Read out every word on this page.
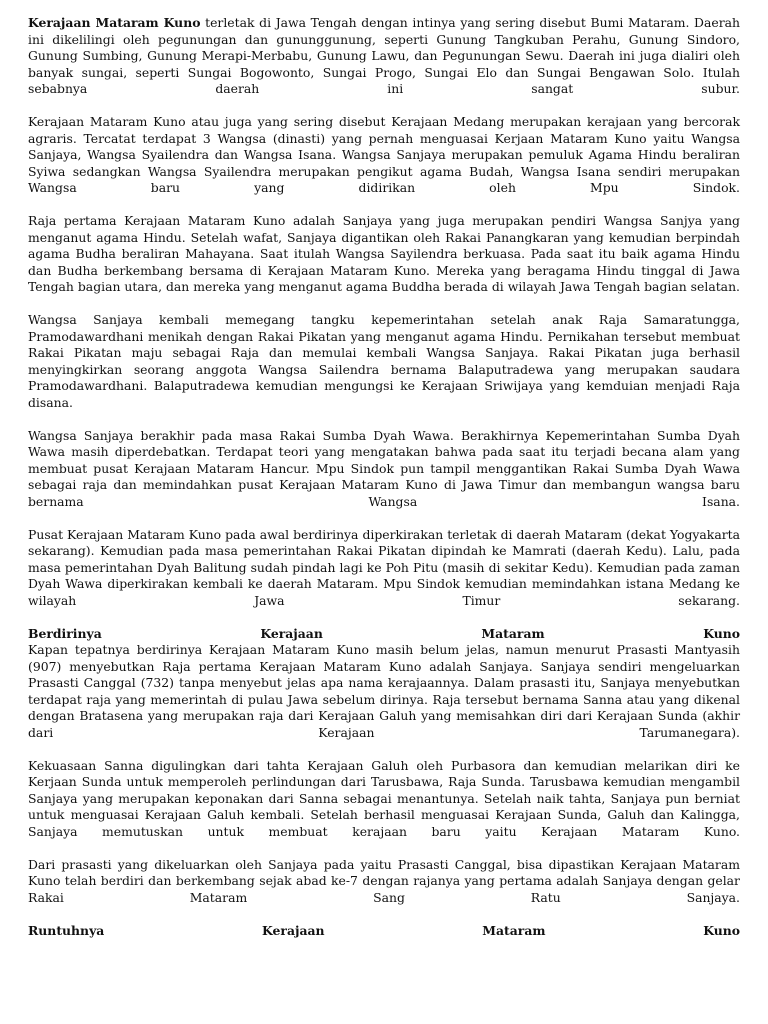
Kerajaan Mataram Kuno terletak di Jawa Tengah dengan intinya yang sering disebut Bumi Mataram. Daerah ini dikelilingi oleh pegunungan dan gununggunung, seperti Gunung Tangkuban Perahu, Gunung Sindoro, Gunung Sumbing, Gunung Merapi-Merbabu, Gunung Lawu, dan Pegunungan Sewu. Daerah ini juga dialiri oleh banyak sungai, seperti Sungai Bogowonto, Sungai Progo, Sungai Elo dan Sungai Bengawan Solo. Itulah sebabnya daerah ini sangat subur.

Kerajaan Mataram Kuno atau juga yang sering disebut Kerajaan Medang merupakan kerajaan yang bercorak agraris. Tercatat terdapat 3 Wangsa (dinasti) yang pernah menguasai Kerjaan Mataram Kuno yaitu Wangsa Sanjaya, Wangsa Syailendra dan Wangsa Isana. Wangsa Sanjaya merupakan pemuluk Agama Hindu beraliran Syiwa sedangkan Wangsa Syailendra merupakan pengikut agama Budah, Wangsa Isana sendiri merupakan Wangsa baru yang didirikan oleh Mpu Sindok.

Raja pertama Kerajaan Mataram Kuno adalah Sanjaya yang juga merupakan pendiri Wangsa Sanjya yang menganut agama Hindu. Setelah wafat, Sanjaya digantikan oleh Rakai Panangkaran yang kemudian berpindah agama Budha beraliran Mahayana. Saat itulah Wangsa Sayilendra berkuasa. Pada saat itu baik agama Hindu dan Budha berkembang bersama di Kerajaan Mataram Kuno. Mereka yang beragama Hindu tinggal di Jawa Tengah bagian utara, dan mereka yang menganut agama Buddha berada di wilayah Jawa Tengah bagian selatan.

Wangsa Sanjaya kembali memegang tangku kepemerintahan setelah anak Raja Samaratungga, Pramodawardhani menikah dengan Rakai Pikatan yang menganut agama Hindu. Pernikahan tersebut membuat Rakai Pikatan maju sebagai Raja dan memulai kembali Wangsa Sanjaya. Rakai Pikatan juga berhasil menyingkirkan seorang anggota Wangsa Sailendra bernama Balaputradewa yang merupakan saudara Pramodawardhani. Balaputradewa kemudian mengungsi ke Kerajaan Sriwijaya yang kemduian menjadi Raja disana.

Wangsa Sanjaya berakhir pada masa Rakai Sumba Dyah Wawa. Berakhirnya Kepemerintahan Sumba Dyah Wawa masih diperdebatkan. Terdapat teori yang mengatakan bahwa pada saat itu terjadi becana alam yang membuat pusat Kerajaan Mataram Hancur. Mpu Sindok pun tampil menggantikan Rakai Sumba Dyah Wawa sebagai raja dan memindahkan pusat Kerajaan Mataram Kuno di Jawa Timur dan membangun wangsa baru bernama Wangsa Isana.

Pusat Kerajaan Mataram Kuno pada awal berdirinya diperkirakan terletak di daerah Mataram (dekat Yogyakarta sekarang). Kemudian pada masa pemerintahan Rakai Pikatan dipindah ke Mamrati (daerah Kedu). Lalu, pada masa pemerintahan Dyah Balitung sudah pindah lagi ke Poh Pitu (masih di sekitar Kedu). Kemudian pada zaman Dyah Wawa diperkirakan kembali ke daerah Mataram. Mpu Sindok kemudian memindahkan istana Medang ke wilayah Jawa Timur sekarang.

Berdirinya Kerajaan Mataram Kuno

Kapan tepatnya berdirinya Kerajaan Mataram Kuno masih belum jelas, namun menurut Prasasti Mantyasih (907) menyebutkan Raja pertama Kerajaan Mataram Kuno adalah Sanjaya. Sanjaya sendiri mengeluarkan Prasasti Canggal (732) tanpa menyebut jelas apa nama kerajaannya. Dalam prasasti itu, Sanjaya menyebutkan terdapat raja yang memerintah di pulau Jawa sebelum dirinya. Raja tersebut bernama Sanna atau yang dikenal dengan Bratasena yang merupakan raja dari Kerajaan Galuh yang memisahkan diri dari Kerajaan Sunda (akhir dari Kerajaan Tarumanegara).

Kekuasaan Sanna digulingkan dari tahta Kerajaan Galuh oleh Purbasora dan kemudian melarikan diri ke Kerjaan Sunda untuk memperoleh perlindungan dari Tarusbawa, Raja Sunda. Tarusbawa kemudian mengambil Sanjaya yang merupakan keponakan dari Sanna sebagai menantunya. Setelah naik tahta, Sanjaya pun berniat untuk menguasai Kerajaan Galuh kembali. Setelah berhasil menguasai Kerajaan Sunda, Galuh dan Kalingga, Sanjaya memutuskan untuk membuat kerajaan baru yaitu Kerajaan Mataram Kuno.

Dari prasasti yang dikeluarkan oleh Sanjaya pada yaitu Prasasti Canggal, bisa dipastikan Kerajaan Mataram Kuno telah berdiri dan berkembang sejak abad ke-7 dengan rajanya yang pertama adalah Sanjaya dengan gelar Rakai Mataram Sang Ratu Sanjaya.

Runtuhnya Kerajaan Mataram Kuno
